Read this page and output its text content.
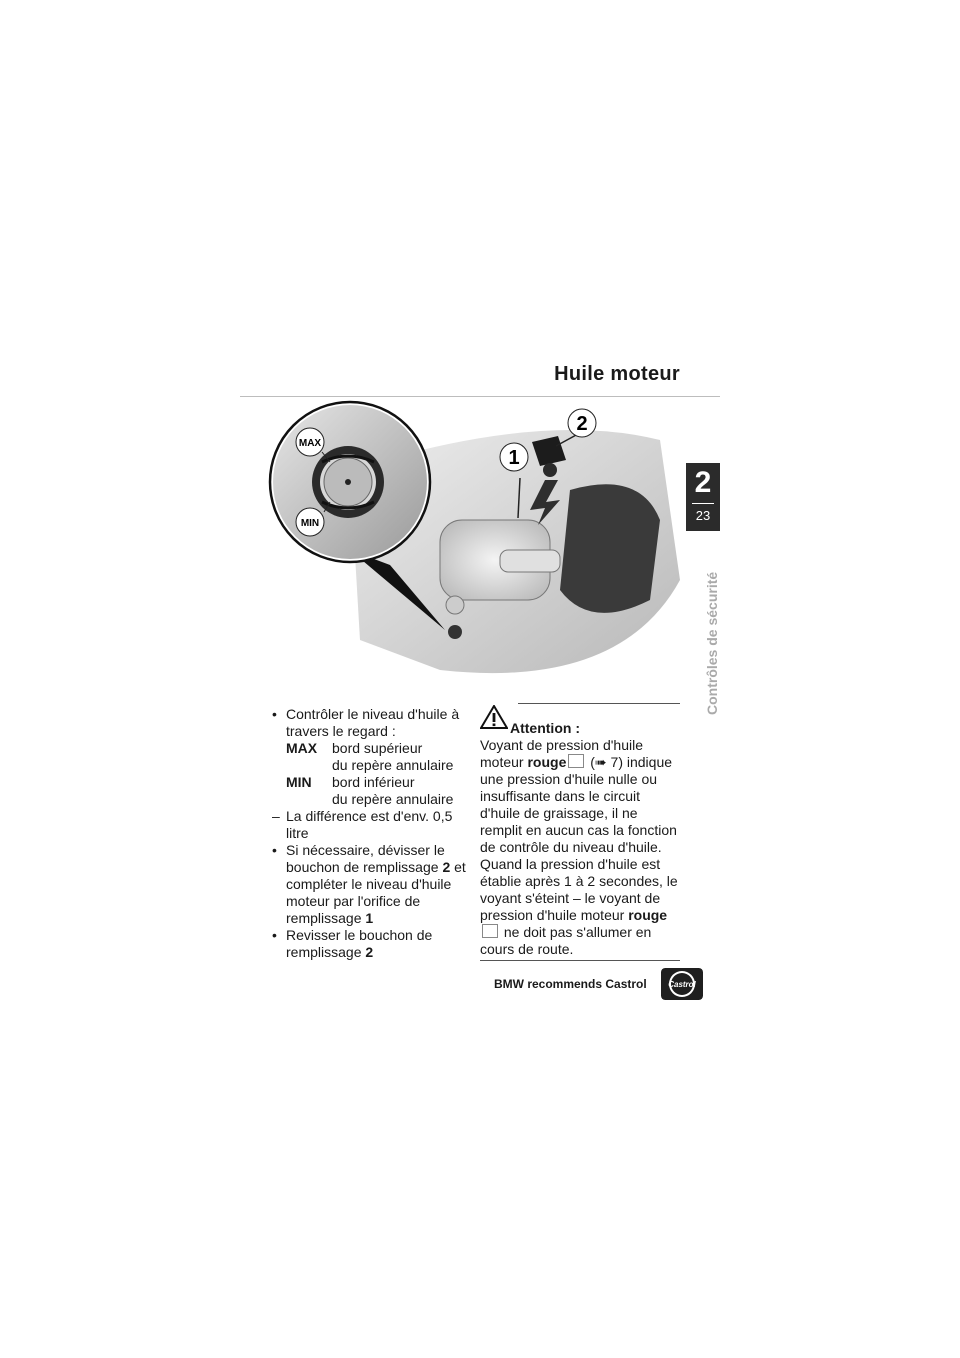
Huile moteur
MAX
MIN
1
2
2
23
Contrôles de sécurité
• Contrôler le niveau d'huile à travers le regard :
MAX	bord supérieur
du repère annulaire
MIN	bord inférieur
du repère annulaire
– La différence est d'env. 0,5 litre
• Si nécessaire, dévisser le bouchon de remplissage 2 et compléter le niveau d'huile moteur par l'orifice de remplissage 1
• Revisser le bouchon de remplissage 2
Attention :
Voyant de pression d'huile moteur rouge (➠ 7) indique une pression d'huile nulle ou insuffisante dans le circuit d'huile de graissage, il ne remplit en aucun cas la fonction de contrôle du niveau d'huile. Quand la pression d'huile est établie après 1 à 2 secondes, le voyant s'éteint – le voyant de pression d'huile moteur rouge ne doit pas s'allumer en cours de route.
BMW recommends Castrol	Castrol
